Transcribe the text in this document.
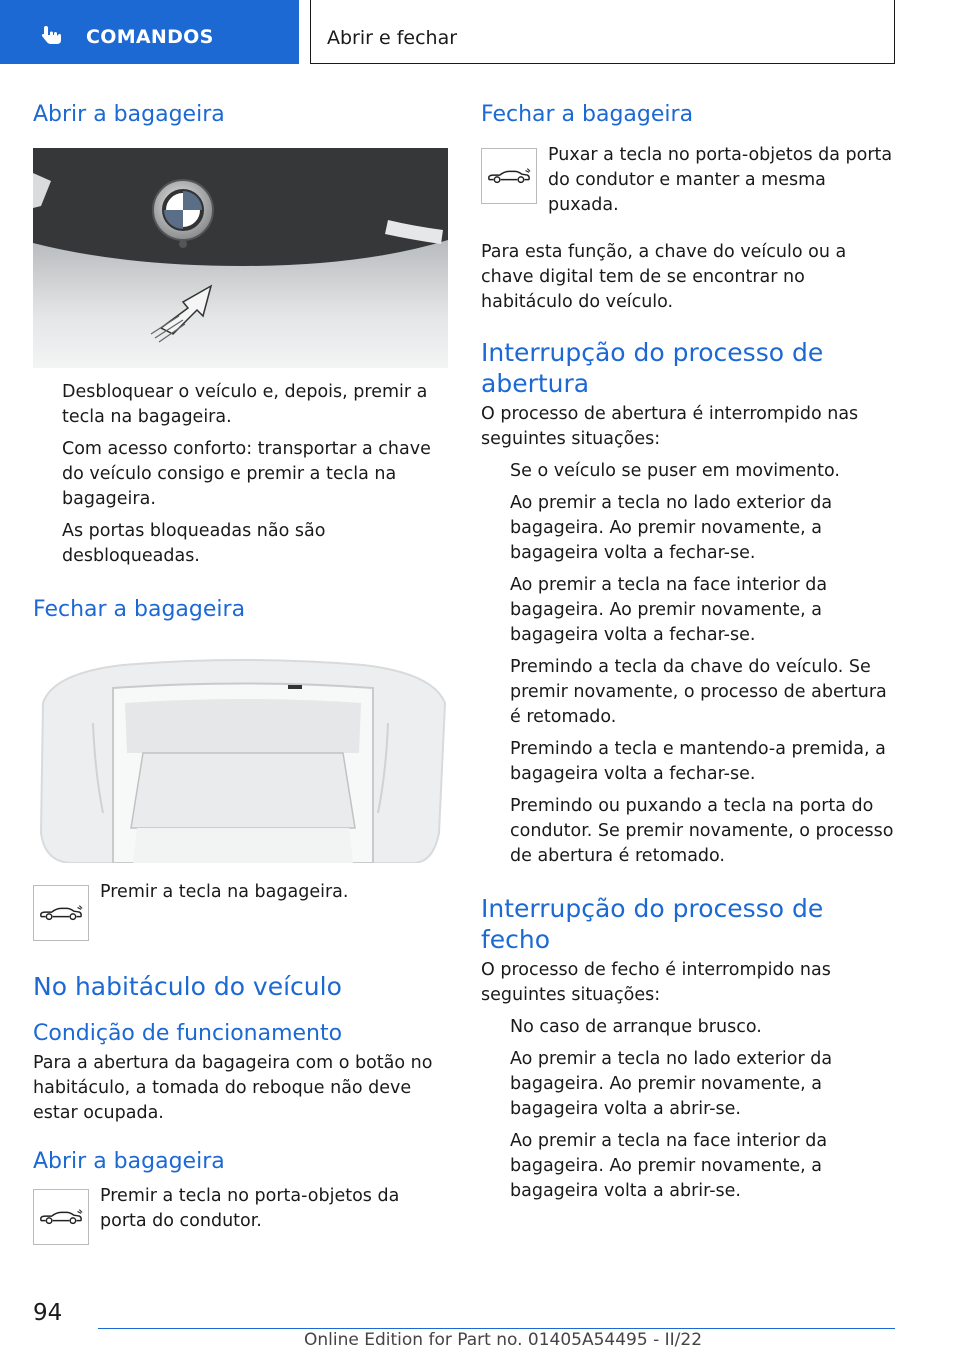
COMANDOS	Abrir e fechar
Abrir a bagageira
Desbloquear o veículo e, depois, premir a tecla na bagageira.
Com acesso conforto: transportar a chave do veículo consigo e premir a tecla na bagageira.
As portas bloqueadas não são desbloqueadas.
Fechar a bagageira

Premir a tecla na bagageira.

No habitáculo do veículo
Condição de funcionamento

Para a abertura da bagageira com o botão no habitáculo, a tomada do reboque não deve estar ocupada.

Abrir a bagageira

Premir a tecla no porta-objetos da porta do condutor.

Fechar a bagageira

Puxar a tecla no porta-objetos da porta do condutor e manter a mesma puxada.

Para esta função, a chave do veículo ou a chave digital tem de se encontrar no habitáculo do veículo.

Interrupção do processo de abertura

O processo de abertura é interrompido nas seguintes situações:

Se o veículo se puser em movimento.
Ao premir a tecla no lado exterior da bagageira. Ao premir novamente, a bagageira volta a fechar-se.
Ao premir a tecla na face interior da bagageira. Ao premir novamente, a bagageira volta a fechar-se.
Premindo a tecla da chave do veículo. Se premir novamente, o processo de abertura é retomado.
Premindo a tecla e mantendo-a premida, a bagageira volta a fechar-se.
Premindo ou puxando a tecla na porta do condutor. Se premir novamente, o processo de abertura é retomado.
Interrupção do processo de fecho

O processo de fecho é interrompido nas seguintes situações:

No caso de arranque brusco.
Ao premir a tecla no lado exterior da bagageira. Ao premir novamente, a bagageira volta a abrir-se.
Ao premir a tecla na face interior da bagageira. Ao premir novamente, a bagageira volta a abrir-se.
94
Online Edition for Part no. 01405A54495 - II/22
